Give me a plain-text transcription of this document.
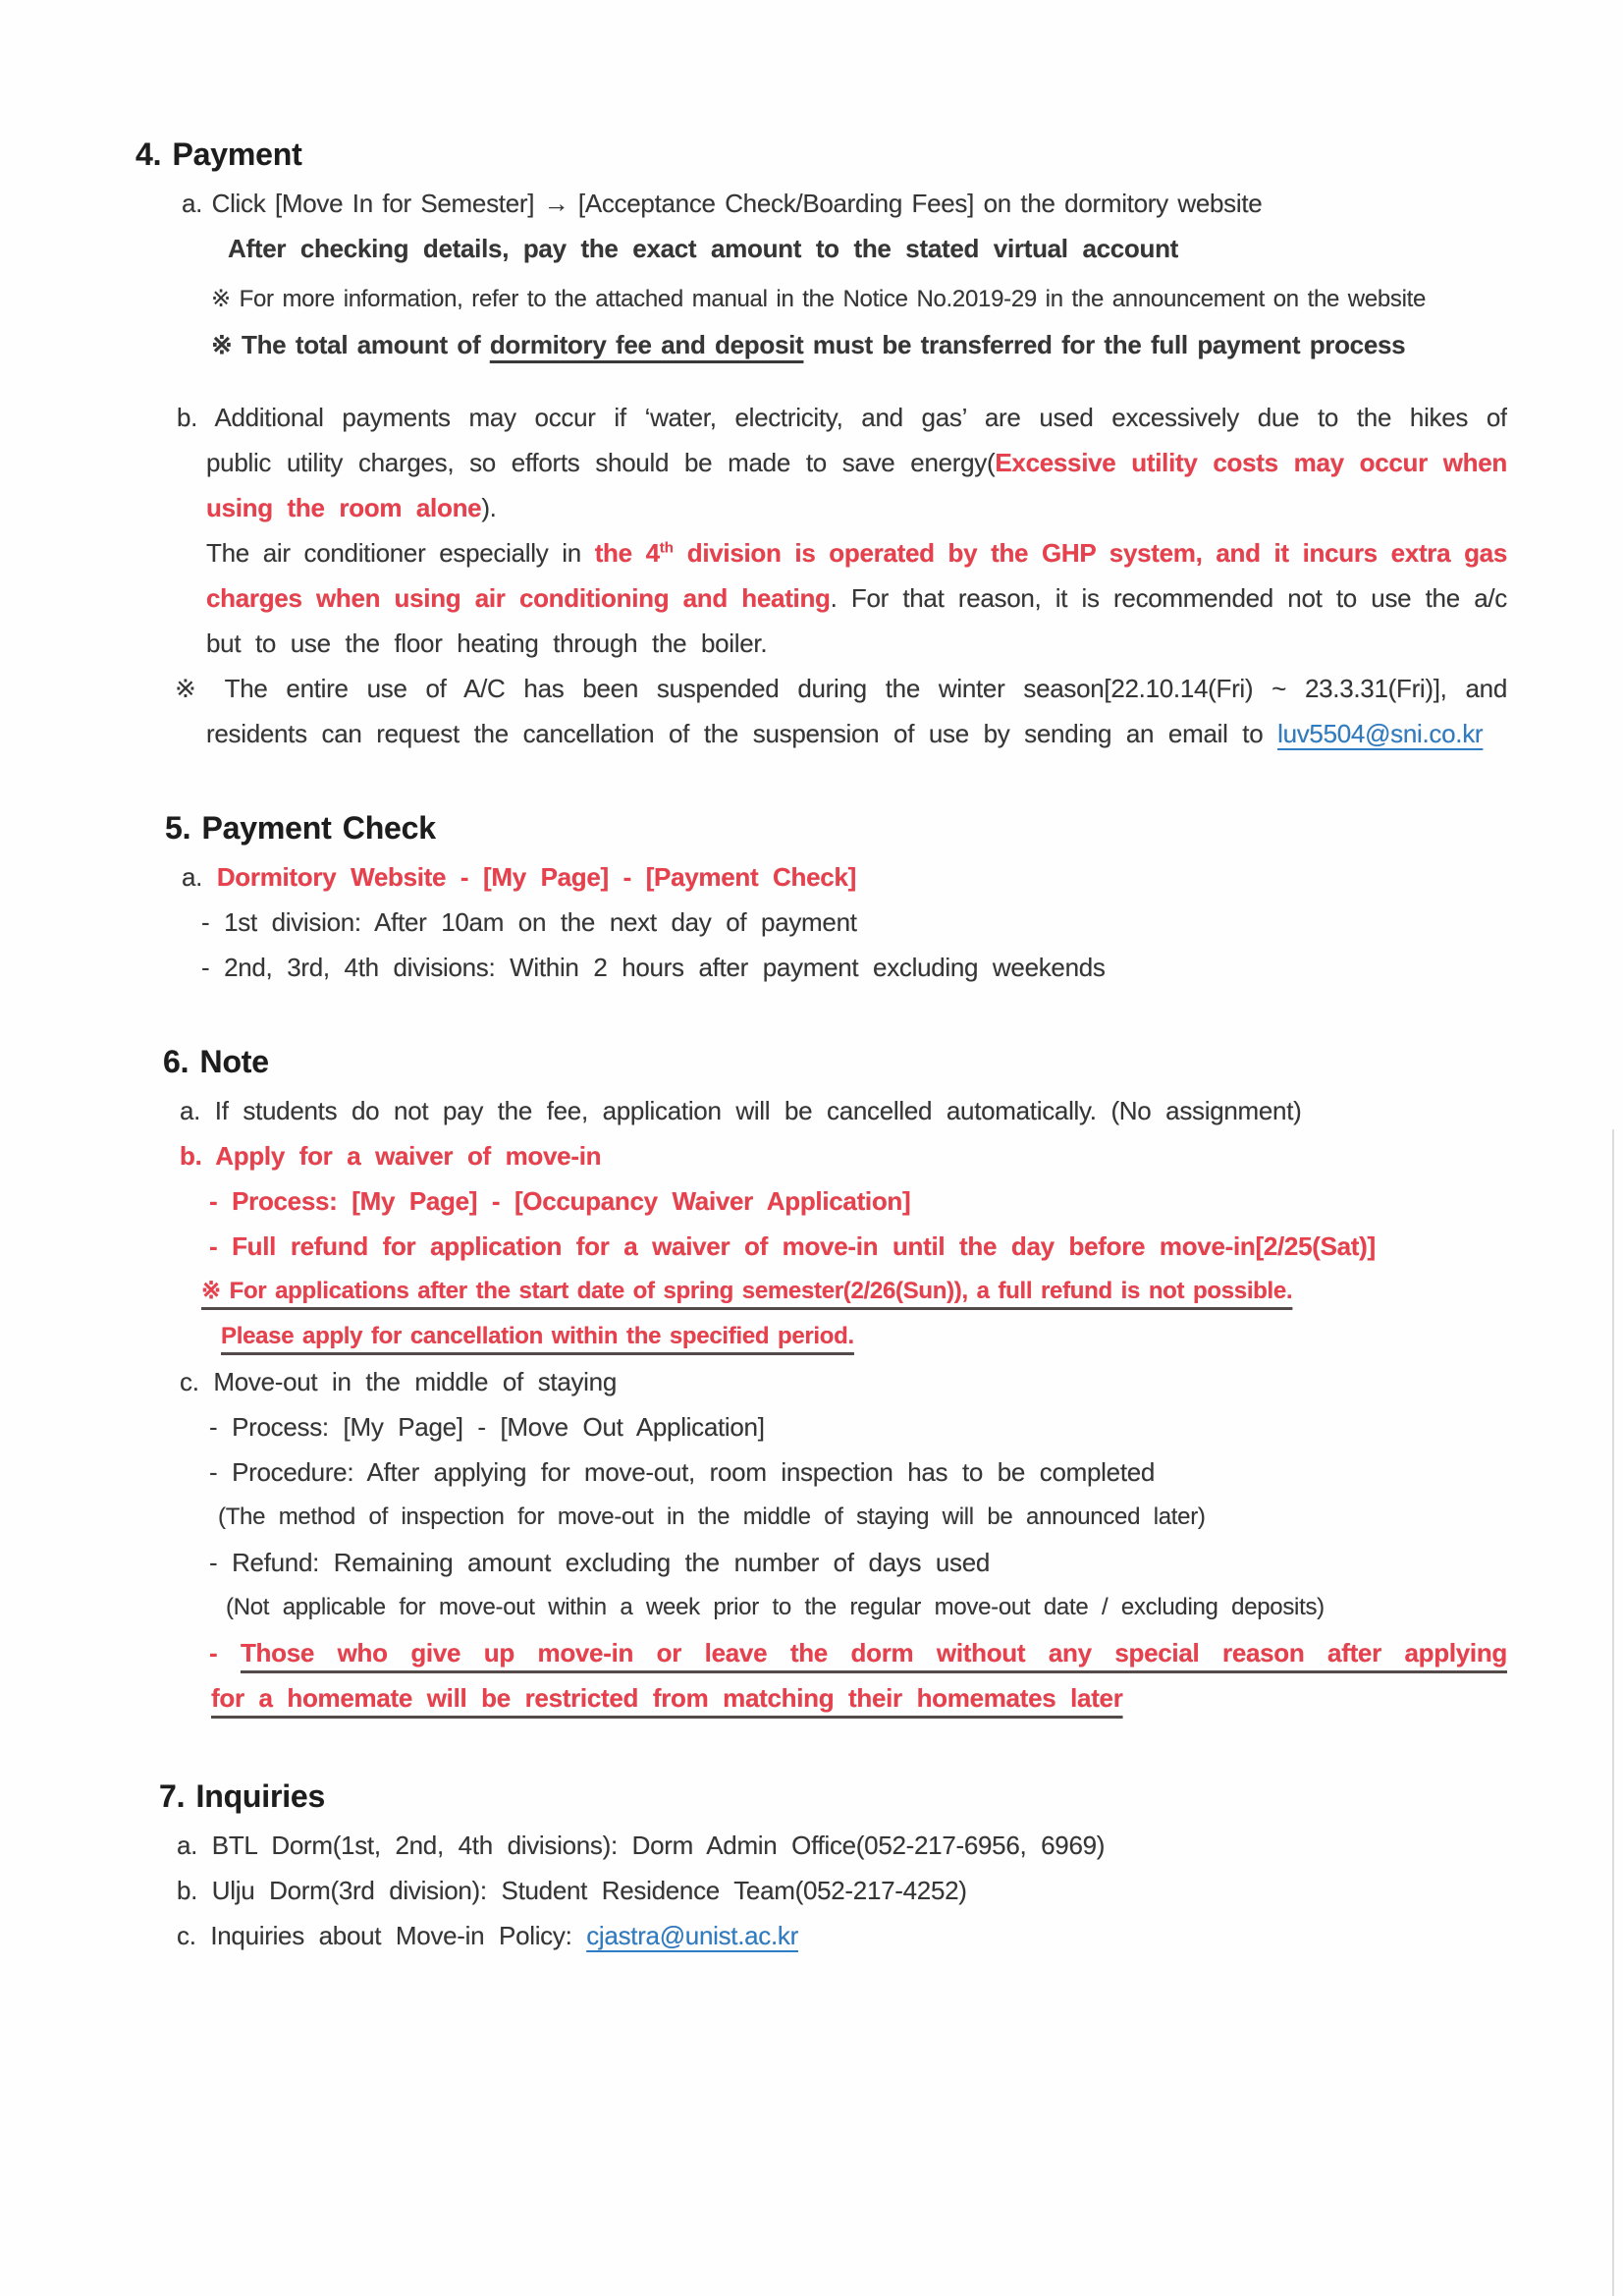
4. Payment
a. Click [Move In for Semester] → [Acceptance Check/Boarding Fees] on the dormitory website
After checking details, pay the exact amount to the stated virtual account
※ For more information, refer to the attached manual in the Notice No.2019-29 in the announcement on the website
※ The total amount of dormitory fee and deposit must be transferred for the full payment process
b. Additional payments may occur if ‘water, electricity, and gas’ are used excessively due to the hikes of
public utility charges, so efforts should be made to save energy(Excessive utility costs may occur when
using the room alone).
The air conditioner especially in the 4th division is operated by the GHP system, and it incurs extra gas
charges when using air conditioning and heating. For that reason, it is recommended not to use the a/c
but to use the floor heating through the boiler.
※ The entire use of A/C has been suspended during the winter season[22.10.14(Fri) ~ 23.3.31(Fri)], and
residents can request the cancellation of the suspension of use by sending an email to luv5504@sni.co.kr
5. Payment Check
a. Dormitory Website - [My Page] - [Payment Check]
- 1st division: After 10am on the next day of payment
- 2nd, 3rd, 4th divisions: Within 2 hours after payment excluding weekends
6. Note
a. If students do not pay the fee, application will be cancelled automatically. (No assignment)
b. Apply for a waiver of move-in
- Process: [My Page] - [Occupancy Waiver Application]
- Full refund for application for a waiver of move-in until the day before move-in[2/25(Sat)]
※ For applications after the start date of spring semester(2/26(Sun)), a full refund is not possible.
Please apply for cancellation within the specified period.
c. Move-out in the middle of staying
- Process: [My Page] - [Move Out Application]
- Procedure: After applying for move-out, room inspection has to be completed
(The method of inspection for move-out in the middle of staying will be announced later)
- Refund: Remaining amount excluding the number of days used
(Not applicable for move-out within a week prior to the regular move-out date / excluding deposits)
- Those who give up move-in or leave the dorm without any special reason after applying
for a homemate will be restricted from matching their homemates later
7. Inquiries
a. BTL Dorm(1st, 2nd, 4th divisions): Dorm Admin Office(052-217-6956, 6969)
b. Ulju Dorm(3rd division): Student Residence Team(052-217-4252)
c. Inquiries about Move-in Policy: cjastra@unist.ac.kr
